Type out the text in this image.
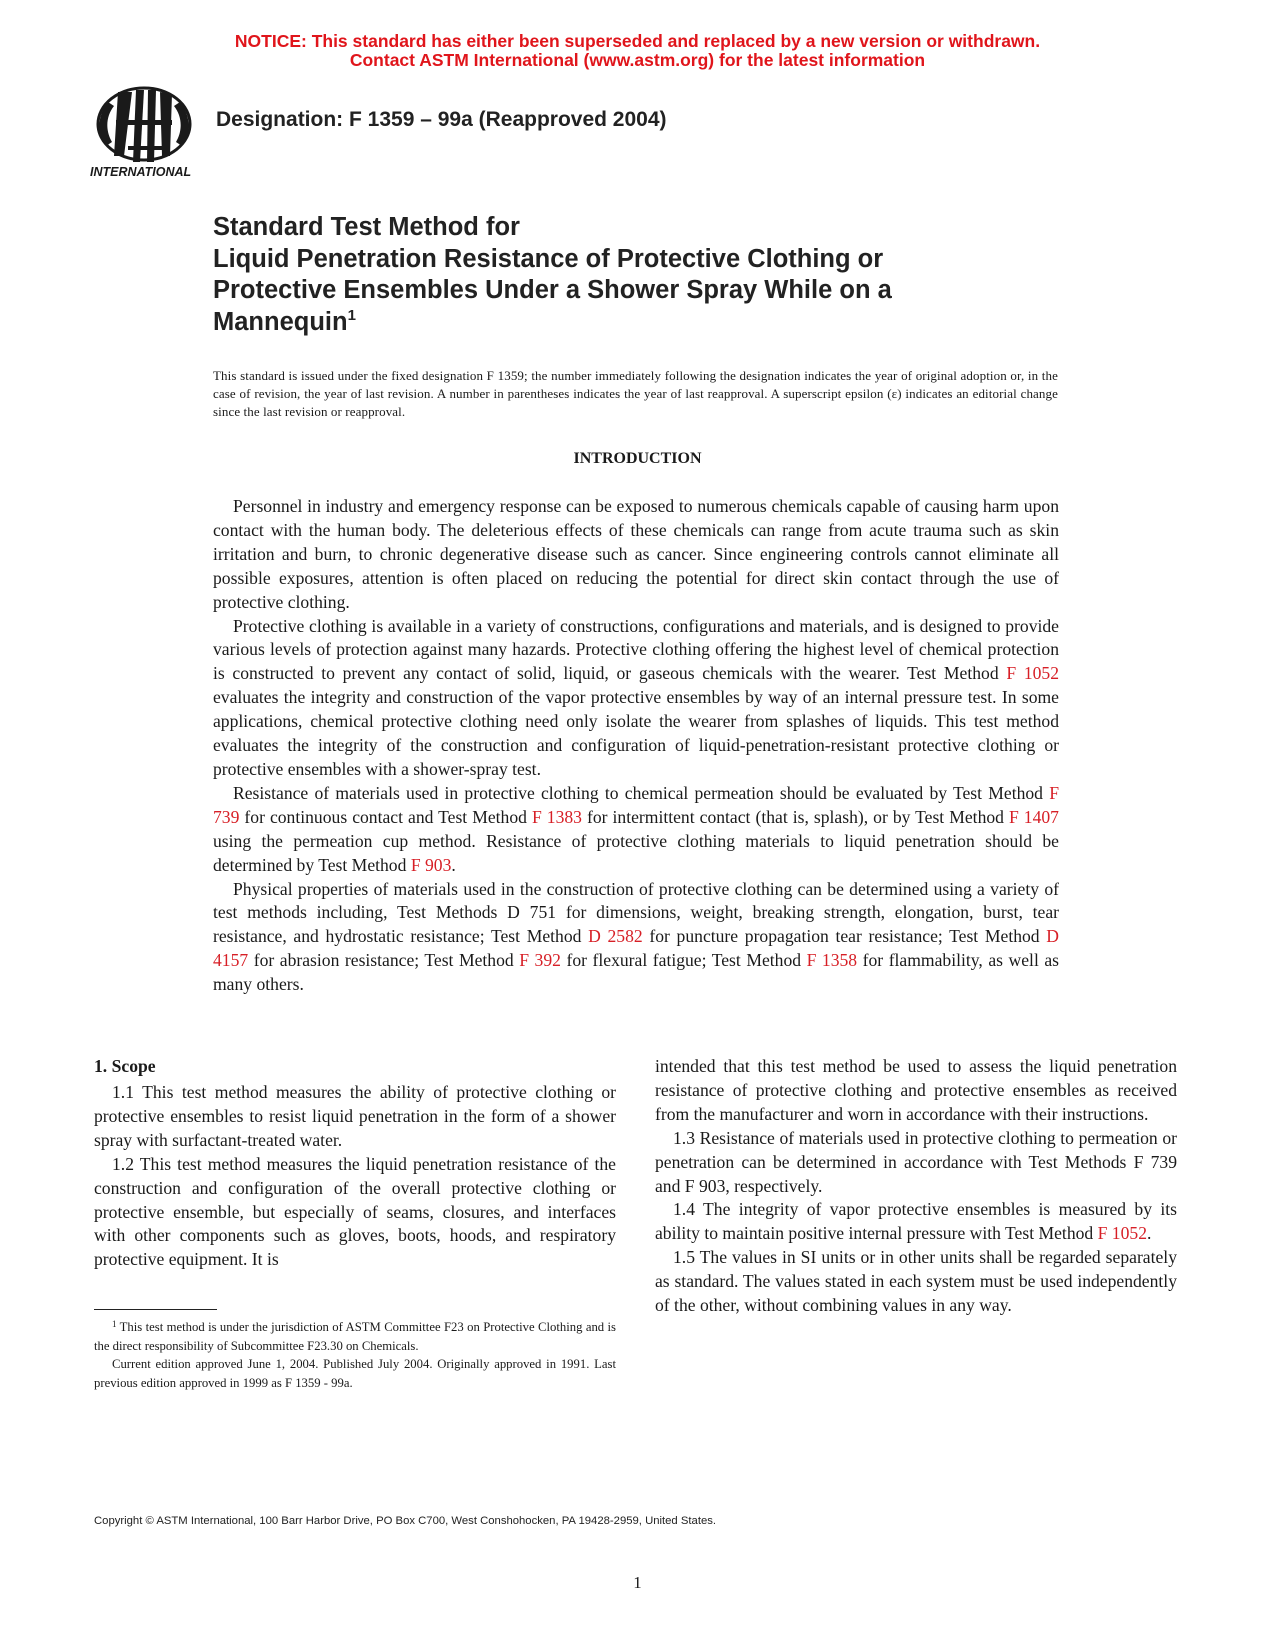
NOTICE: This standard has either been superseded and replaced by a new version or withdrawn.
Contact ASTM International (www.astm.org) for the latest information
INTERNATIONAL
Designation: F 1359 – 99a (Reapproved 2004)
Standard Test Method for
Liquid Penetration Resistance of Protective Clothing or
Protective Ensembles Under a Shower Spray While on a
Mannequin$^1$
This standard is issued under the fixed designation F 1359; the number immediately following the designation indicates the year of original adoption or, in the case of revision, the year of last revision. A number in parentheses indicates the year of last reapproval. A superscript epsilon (ε) indicates an editorial change since the last revision or reapproval.
INTRODUCTION

Personnel in industry and emergency response can be exposed to numerous chemicals capable of causing harm upon contact with the human body. The deleterious effects of these chemicals can range from acute trauma such as skin irritation and burn, to chronic degenerative disease such as cancer. Since engineering controls cannot eliminate all possible exposures, attention is often placed on reducing the potential for direct skin contact through the use of protective clothing.

Protective clothing is available in a variety of constructions, configurations and materials, and is designed to provide various levels of protection against many hazards. Protective clothing offering the highest level of chemical protection is constructed to prevent any contact of solid, liquid, or gaseous chemicals with the wearer. Test Method F 1052 evaluates the integrity and construction of the vapor protective ensembles by way of an internal pressure test. In some applications, chemical protective clothing need only isolate the wearer from splashes of liquids. This test method evaluates the integrity of the construction and configuration of liquid-penetration-resistant protective clothing or protective ensembles with a shower-spray test.

Resistance of materials used in protective clothing to chemical permeation should be evaluated by Test Method F 739 for continuous contact and Test Method F 1383 for intermittent contact (that is, splash), or by Test Method F 1407 using the permeation cup method. Resistance of protective clothing materials to liquid penetration should be determined by Test Method F 903.

Physical properties of materials used in the construction of protective clothing can be determined using a variety of test methods including, Test Methods D 751 for dimensions, weight, breaking strength, elongation, burst, tear resistance, and hydrostatic resistance; Test Method D 2582 for puncture propagation tear resistance; Test Method D 4157 for abrasion resistance; Test Method F 392 for flexural fatigue; Test Method F 1358 for flammability, as well as many others.

1. Scope

1.1 This test method measures the ability of protective clothing or protective ensembles to resist liquid penetration in the form of a shower spray with surfactant-treated water.

1.2 This test method measures the liquid penetration resistance of the construction and configuration of the overall protective clothing or protective ensemble, but especially of seams, closures, and interfaces with other components such as gloves, boots, hoods, and respiratory protective equipment. It is

intended that this test method be used to assess the liquid penetration resistance of protective clothing and protective ensembles as received from the manufacturer and worn in accordance with their instructions.

1.3 Resistance of materials used in protective clothing to permeation or penetration can be determined in accordance with Test Methods F 739 and F 903, respectively.

1.4 The integrity of vapor protective ensembles is measured by its ability to maintain positive internal pressure with Test Method F 1052.

1.5 The values in SI units or in other units shall be regarded separately as standard. The values stated in each system must be used independently of the other, without combining values in any way.

$^1$ This test method is under the jurisdiction of ASTM Committee F23 on Protective Clothing and is the direct responsibility of Subcommittee F23.30 on Chemicals.

Current edition approved June 1, 2004. Published July 2004. Originally approved in 1991. Last previous edition approved in 1999 as F 1359 - 99a.

Copyright © ASTM International, 100 Barr Harbor Drive, PO Box C700, West Conshohocken, PA 19428-2959, United States.
1
